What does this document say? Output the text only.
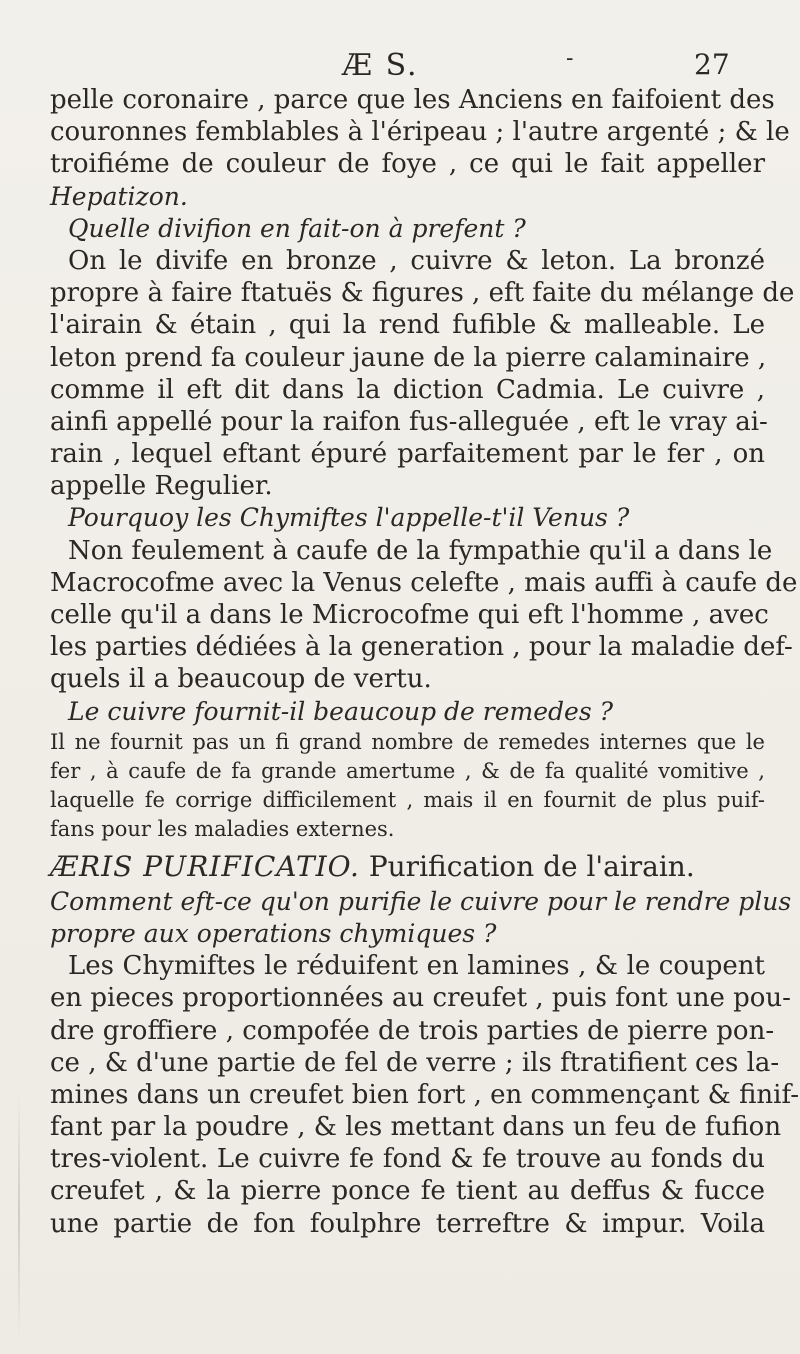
Æ S.	-	27
pelle coronaire , parce que les Anciens en faifoient des
couronnes femblables à l'éripeau ; l'autre argenté ; & le
troifiéme de couleur de foye , ce qui le fait appeller
Hepatizon.
Quelle divifion en fait-on à prefent ?
On le divife en bronze , cuivre & leton. La bronzé
propre à faire ftatuës & figures , eft faite du mélange de
l'airain & étain , qui la rend fufible & malleable. Le
leton prend fa couleur jaune de la pierre calaminaire ,
comme il eft dit dans la diction Cadmia. Le cuivre ,
ainfi appellé pour la raifon fus-alleguée , eft le vray ai-
rain , lequel eftant épuré parfaitement par le fer , on
appelle Regulier.
Pourquoy les Chymiftes l'appelle-t'il Venus ?
Non feulement à caufe de la fympathie qu'il a dans le
Macrocofme avec la Venus celefte , mais auffi à caufe de
celle qu'il a dans le Microcofme qui eft l'homme , avec
les parties dédiées à la generation , pour la maladie def-
quels il a beaucoup de vertu.
Le cuivre fournit-il beaucoup de remedes ?
Il ne fournit pas un fi grand nombre de remedes internes que le
fer , à caufe de fa grande amertume , & de fa qualité vomitive ,
laquelle fe corrige difficilement , mais il en fournit de plus puif-
fans pour les maladies externes.
ÆRIS PURIFICATIO. Purification de l'airain.
Comment eft-ce qu'on purifie le cuivre pour le rendre plus
propre aux operations chymiques ?
Les Chymiftes le réduifent en lamines , & le coupent
en pieces proportionnées au creufet , puis font une pou-
dre groffiere , compofée de trois parties de pierre pon-
ce , & d'une partie de fel de verre ; ils ftratifient ces la-
mines dans un creufet bien fort , en commençant & finif-
fant par la poudre , & les mettant dans un feu de fufion
tres-violent. Le cuivre fe fond & fe trouve au fonds du
creufet , & la pierre ponce fe tient au deffus & fucce
une partie de fon foulphre terreftre & impur. Voila
